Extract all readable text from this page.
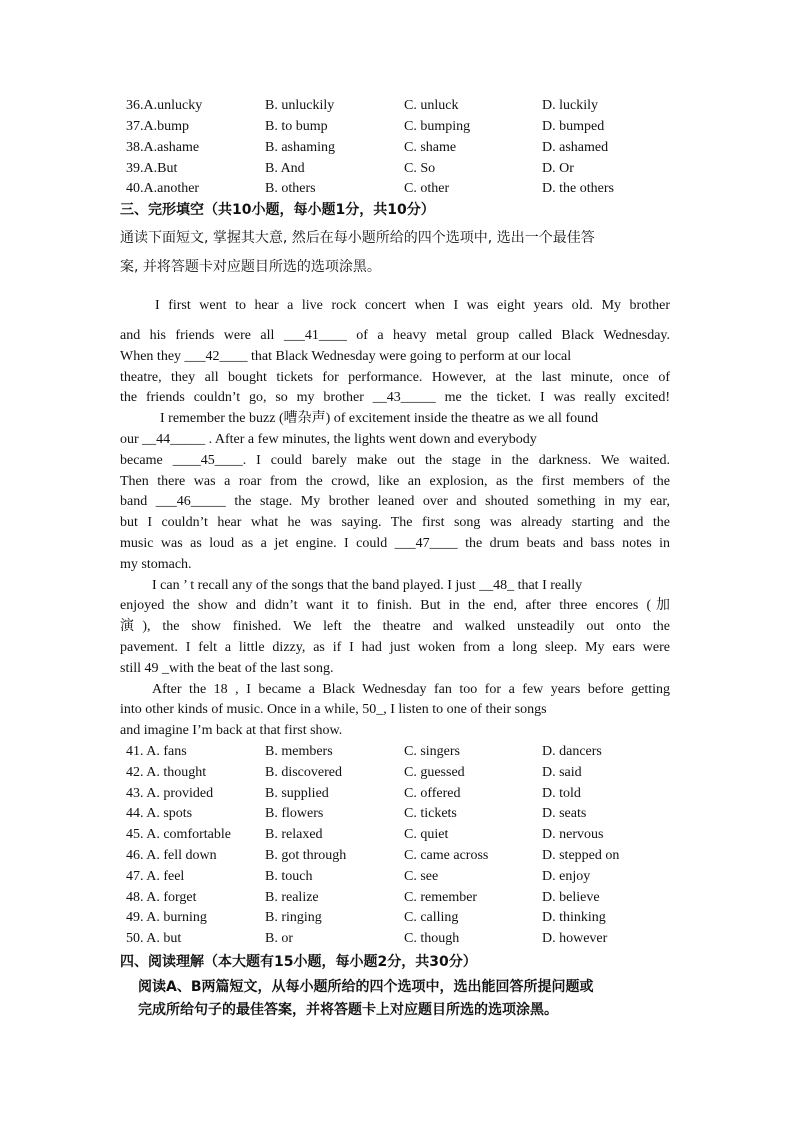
36.A.unlucky	B. unluckily	C. unluck	D. luckily
37.A.bump	B. to bump	C. bumping	D. bumped
38.A.ashame	B. ashaming	C. shame	D. ashamed
39.A.But	B. And	C. So	D. Or
40.A.another	B. others	C. other	D. the others
三、完形填空（共10小题，每小题1分，共10分）
通读下面短文, 掌握其大意, 然后在每小题所给的四个选项中, 选出一个最佳答
案, 并将答题卡对应题目所选的选项涂黑。
I first went to hear a live rock concert when I was eight years old. My brother
and his friends were all ___41____ of a heavy metal group called Black Wednesday.
When they ___42____ that Black Wednesday were going to perform at our local
theatre, they all bought tickets for performance. However, at the last minute, once of
the friends couldn’t go, so my brother __43_____ me the ticket. I was really excited!
I remember the buzz (嘈杂声) of excitement inside the theatre as we all found
our __44_____ . After a few minutes, the lights went down and everybody
became ____45____. I could barely make out the stage in the darkness. We waited.
Then there was a roar from the crowd, like an explosion, as the first members of the
band ___46_____ the stage. My brother leaned over and shouted something in my ear,
but I couldn’t hear what he was saying. The first song was already starting and the
music was as loud as a jet engine. I could ___47____ the drum beats and bass notes in
my stomach.
I can ’ t recall any of the songs that the band played. I just __48_ that I really
enjoyed the show and didn’t want it to finish. But in the end, after three encores (加
演), the show finished. We left the theatre and walked unsteadily out onto the
pavement. I felt a little dizzy, as if I had just woken from a long sleep. My ears were
still 49 _with the beat of the last song.
After the 18 , I became a Black Wednesday fan too for a few years before getting
into other kinds of music. Once in a while, 50_, I listen to one of their songs
and imagine I’m back at that first show.
41. A. fans	B. members	C. singers	D. dancers
42. A. thought	B. discovered	C. guessed	D. said
43. A. provided	B. supplied	C. offered	D. told
44. A. spots	B. flowers	C. tickets	D. seats
45. A. comfortable B. relaxed	C. quiet	D. nervous
46. A. fell down	B. got through	C. came across	D. stepped on
47. A. feel	B. touch	C. see	D. enjoy
48. A. forget	B. realize	C. remember	D. believe
49. A. burning	B. ringing	C. calling	D. thinking
50. A. but	B. or	C. though	D. however
四、阅读理解（本大题有15小题，每小题2分，共30分）
阅读A、B两篇短文，从每小题所给的四个选项中，选出能回答所提问题或
完成所给句子的最佳答案，并将答题卡上对应题目所选的选项涂黑。
